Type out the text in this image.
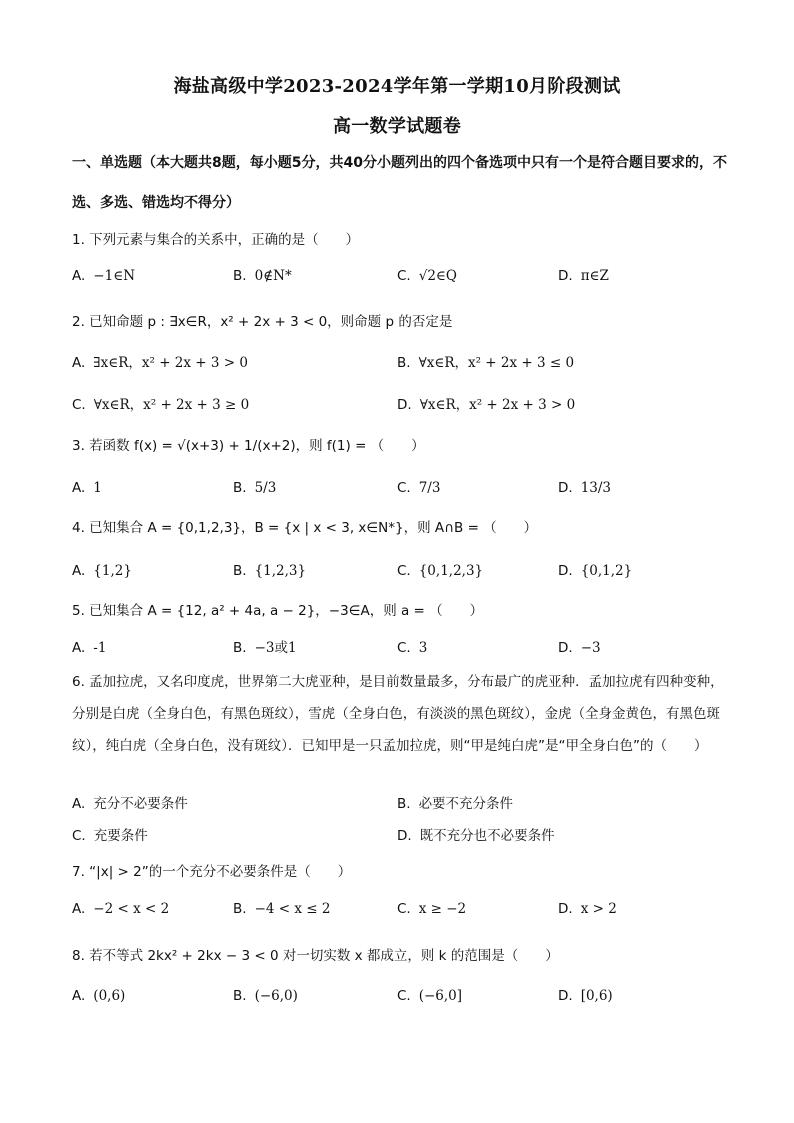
海盐高级中学2023-2024学年第一学期10月阶段测试
高一数学试题卷
一、单选题（本大题共8题，每小题5分，共40分小题列出的四个备选项中只有一个是符合题目要求的，不选、多选、错选均不得分）
1. 下列元素与集合的关系中，正确的是（　　）
A. −1∈N	B. 0∉N*	C. √2∈Q	D. π∈Z
2. 已知命题 p : ∃x∈R，x² + 2x + 3 < 0，则命题 p 的否定是
A. ∃x∈R，x² + 2x + 3 > 0	B. ∀x∈R，x² + 2x + 3 ≤ 0
C. ∀x∈R，x² + 2x + 3 ≥ 0	D. ∀x∈R，x² + 2x + 3 > 0
3. 若函数 f(x) = √(x+3) + 1/(x+2)，则 f(1) = （　　）
A. 1	B. 5/3	C. 7/3	D. 13/3
4. 已知集合 A = {0,1,2,3}，B = {x | x < 3, x∈N*}，则 A∩B = （　　）
A. {1,2}	B. {1,2,3}	C. {0,1,2,3}	D. {0,1,2}
5. 已知集合 A = {12, a² + 4a, a − 2}，−3∈A，则 a = （　　）
A. -1	B. −3或1	C. 3	D. −3
6. 孟加拉虎，又名印度虎，世界第二大虎亚种，是目前数量最多，分布最广的虎亚种．孟加拉虎有四种变种，分别是白虎（全身白色，有黑色斑纹），雪虎（全身白色，有淡淡的黑色斑纹），金虎（全身金黄色，有黑色斑纹），纯白虎（全身白色，没有斑纹）．已知甲是一只孟加拉虎，则“甲是纯白虎”是“甲全身白色”的（　　）
A. 充分不必要条件	B. 必要不充分条件
C. 充要条件	D. 既不充分也不必要条件
7. “|x| > 2”的一个充分不必要条件是（　　）
A. −2 < x < 2	B. −4 < x ≤ 2	C. x ≥ −2	D. x > 2
8. 若不等式 2kx² + 2kx − 3 < 0 对一切实数 x 都成立，则 k 的范围是（　　）
A. (0,6)	B. (−6,0)	C. (−6,0]	D. [0,6)
